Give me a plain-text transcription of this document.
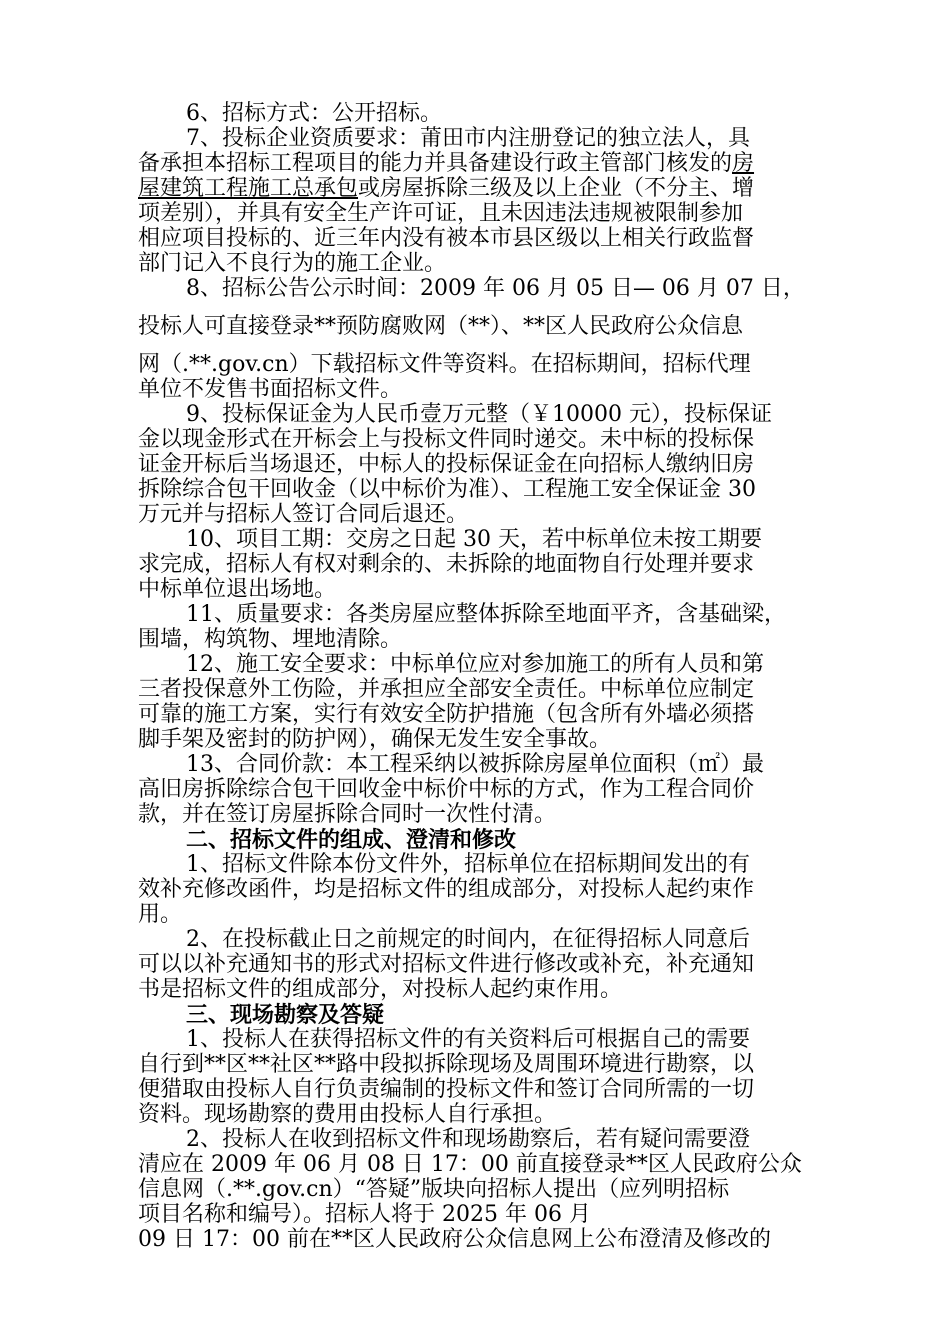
6、招标方式：公开招标。
7、投标企业资质要求：莆田市内注册登记的独立法人，具
备承担本招标工程项目的能力并具备建设行政主管部门核发的房
屋建筑工程施工总承包或房屋拆除三级及以上企业（不分主、增
项差别），并具有安全生产许可证，且未因违法违规被限制参加
相应项目投标的、近三年内没有被本市县区级以上相关行政监督
部门记入不良行为的施工企业。
8、招标公告公示时间：2009 年 06 月 05 日— 06 月 07 日，
投标人可直接登录**预防腐败网（**）、**区人民政府公众信息
网（.**.gov.cn）下载招标文件等资料。在招标期间，招标代理
单位不发售书面招标文件。
9、投标保证金为人民币壹万元整（￥10000 元），投标保证
金以现金形式在开标会上与投标文件同时递交。未中标的投标保
证金开标后当场退还，中标人的投标保证金在向招标人缴纳旧房
拆除综合包干回收金（以中标价为准）、工程施工安全保证金 30
万元并与招标人签订合同后退还。
10、项目工期：交房之日起 30 天，若中标单位未按工期要
求完成，招标人有权对剩余的、未拆除的地面物自行处理并要求
中标单位退出场地。
11、质量要求：各类房屋应整体拆除至地面平齐，含基础梁，
围墙，构筑物、埋地清除。
12、施工安全要求：中标单位应对参加施工的所有人员和第
三者投保意外工伤险，并承担应全部安全责任。中标单位应制定
可靠的施工方案，实行有效安全防护措施（包含所有外墙必须搭
脚手架及密封的防护网），确保无发生安全事故。
13、合同价款：本工程采纳以被拆除房屋单位面积（㎡）最
高旧房拆除综合包干回收金中标价中标的方式，作为工程合同价
款，并在签订房屋拆除合同时一次性付清。
二、招标文件的组成、澄清和修改
1、招标文件除本份文件外，招标单位在招标期间发出的有
效补充修改函件，均是招标文件的组成部分，对投标人起约束作
用。
2、在投标截止日之前规定的时间内，在征得招标人同意后
可以以补充通知书的形式对招标文件进行修改或补充，补充通知
书是招标文件的组成部分，对投标人起约束作用。
三、现场勘察及答疑
1、投标人在获得招标文件的有关资料后可根据自己的需要
自行到**区**社区**路中段拟拆除现场及周围环境进行勘察，以
便猎取由投标人自行负责编制的投标文件和签订合同所需的一切
资料。现场勘察的费用由投标人自行承担。
2、投标人在收到招标文件和现场勘察后，若有疑问需要澄
清应在 2009 年 06 月 08 日 17：00 前直接登录**区人民政府公众
信息网（.**.gov.cn）“答疑”版块向招标人提出（应列明招标
项目名称和编号）。招标人将于 2025 年 06 月
09 日 17：00 前在**区人民政府公众信息网上公布澄清及修改的
